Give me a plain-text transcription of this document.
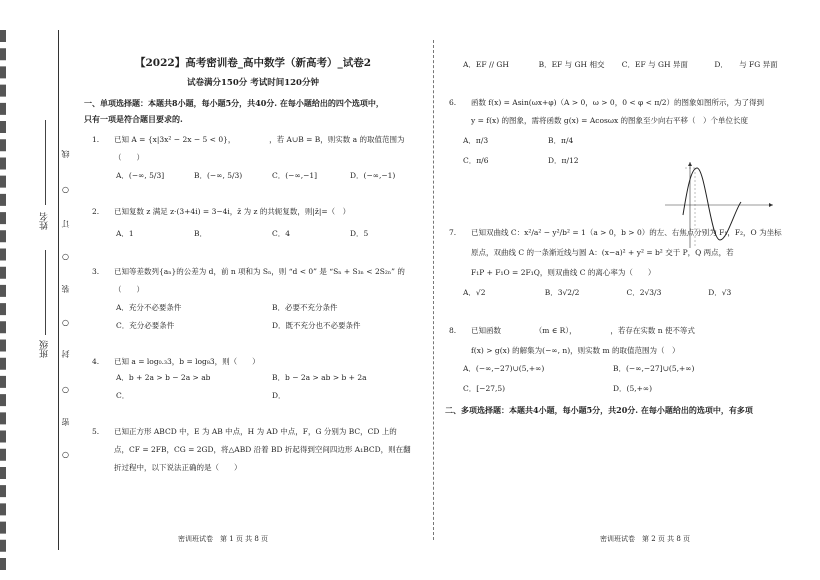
姓名
班级
线
○
订
○
装
○
封
○
密
○
【2022】高考密训卷_高中数学（新高考）_试卷2
试卷满分150分 考试时间120分钟
一、单项选择题：本题共8小题，每小题5分，共40分. 在每小题给出的四个选项中，
只有一项是符合题目要求的.
1. 已知 A = {x|3x² − 2x − 5 < 0}，　　　　　	，若 A∪B = B，则实数 a 的取值范围为
（　　）
A．(−∞, 5/3]	B．(−∞, 5/3)	C．(−∞,−1]	D．(−∞,−1)
2. 已知复数 z 满足 z·(3+4i) = 3−4i，z̄ 为 z 的共轭复数，则|z̄|=（　）
A．1	B．	C．4	D．5
3. 已知等差数列{aₙ}的公差为 d，前 n 项和为 Sₙ，则 “d < 0” 是 “Sₙ + S₃ₙ < 2S₂ₙ” 的
（　　）
A．充分不必要条件	B．必要不充分条件
C．充分必要条件	D．既不充分也不必要条件
4. 已知 a = log₀.₃3，b = log₈3，则（　　）
A．b + 2a > b − 2a > ab	B．b − 2a > ab > b + 2a
C．	D．
5. 已知正方形 ABCD 中，E 为 AB 中点，H 为 AD 中点，F，G 分别为 BC，CD 上的
点，CF = 2FB，CG = 2GD，将△ABD 沿着 BD 折起得到空间四边形 A₁BCD，则在翻
折过程中，以下说法正确的是（　　）
密训班试卷　第 1 页 共 8 页
A．EF // GH	B．EF 与 GH 相交	C．EF 与 GH 异面	D．　　与 FG 异面
6. 函数 f(x) = Asin(ωx+φ)（A > 0，ω > 0，0 < φ < π/2）的图象如图所示，为了得到
y = f(x) 的图象，需将函数 g(x) = Acosωx 的图象至少向右平移（　）个单位长度
A．π/3	B．π/4
C．π/6	D．π/12
7. 已知双曲线 C：x²/a² − y²/b² = 1（a > 0，b > 0）的左、右焦点分别为 F₁，F₂，O 为坐标
原点，双曲线 C 的一条渐近线与圆 A：(x−a)² + y² = b² 交于 P，Q 两点，若
F₁P + F₁O = 2F₁Q，则双曲线 C 的离心率为（　　）
A．√2	B．3√2/2	C．2√3/3	D．√3
8. 已知函数　　　　　（m ∈ R），　　　　　，若存在实数 n 使不等式
f(x) > g(x) 的解集为(−∞, n)，则实数 m 的取值范围为（　）
A．(−∞,−27)∪(5,+∞)	B．(−∞,−27]∪(5,+∞)
C．[−27,5)	D．(5,+∞)
二、多项选择题：本题共4小题，每小题5分，共20分. 在每小题给出的选项中，有多项
密训班试卷　第 2 页 共 8 页
